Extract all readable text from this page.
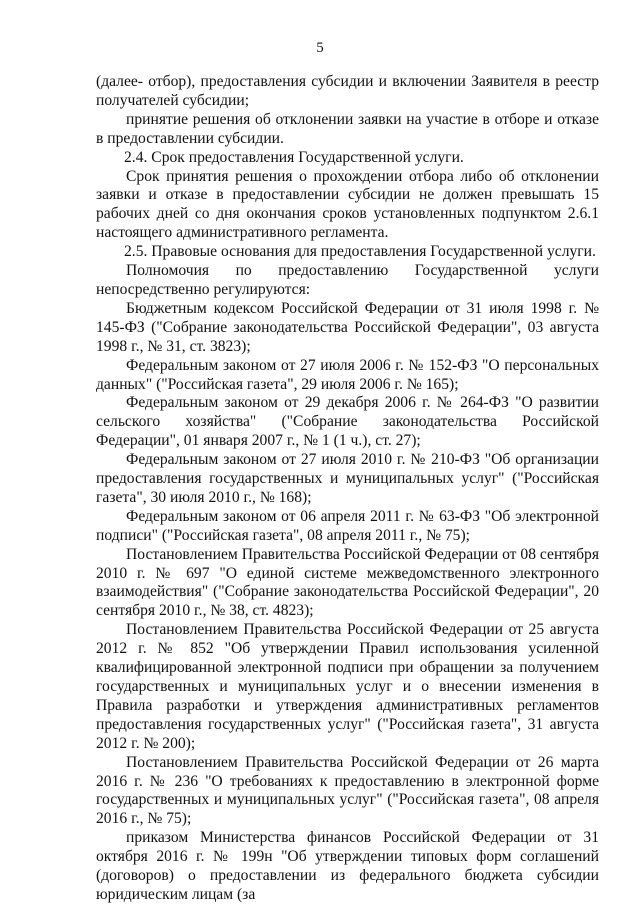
5

(далее- отбор), предоставления субсидии и включении Заявителя в реестр получателей субсидии;

принятие решения об отклонении заявки на участие в отборе и отказе в предоставлении субсидии.

2.4. Срок предоставления Государственной услуги.

Срок принятия решения о прохождении отбора либо об отклонении заявки и отказе в предоставлении субсидии не должен превышать 15 рабочих дней со дня окончания сроков установленных подпунктом 2.6.1 настоящего административного регламента.

2.5. Правовые основания для предоставления Государственной услуги.

Полномочия по предоставлению Государственной услуги непосредственно регулируются:

Бюджетным кодексом Российской Федерации от 31 июля 1998 г. № 145-ФЗ ("Собрание законодательства Российской Федерации", 03 августа 1998 г., № 31, ст. 3823);

Федеральным законом от 27 июля 2006 г. № 152-ФЗ "О персональных данных" ("Российская газета", 29 июля 2006 г. № 165);

Федеральным законом от 29 декабря 2006 г. № 264-ФЗ "О развитии сельского хозяйства" ("Собрание законодательства Российской Федерации", 01 января 2007 г., № 1 (1 ч.), ст. 27);

Федеральным законом от 27 июля 2010 г. № 210-ФЗ "Об организации предоставления государственных и муниципальных услуг" ("Российская газета", 30 июля 2010 г., № 168);

Федеральным законом от 06 апреля 2011 г. № 63-ФЗ "Об электронной подписи" ("Российская газета", 08 апреля 2011 г., № 75);

Постановлением Правительства Российской Федерации от 08 сентября 2010 г. № 697 "О единой системе межведомственного электронного взаимодействия" ("Собрание законодательства Российской Федерации", 20 сентября 2010 г., № 38, ст. 4823);

Постановлением Правительства Российской Федерации от 25 августа 2012 г. № 852 "Об утверждении Правил использования усиленной квалифицированной электронной подписи при обращении за получением государственных и муниципальных услуг и о внесении изменения в Правила разработки и утверждения административных регламентов предоставления государственных услуг" ("Российская газета", 31 августа 2012 г. № 200);

Постановлением Правительства Российской Федерации от 26 марта 2016 г. № 236 "О требованиях к предоставлению в электронной форме государственных и муниципальных услуг" ("Российская газета", 08 апреля 2016 г., № 75);

приказом Министерства финансов Российской Федерации от 31 октября 2016 г. № 199н "Об утверждении типовых форм соглашений (договоров) о предоставлении из федерального бюджета субсидии юридическим лицам (за
